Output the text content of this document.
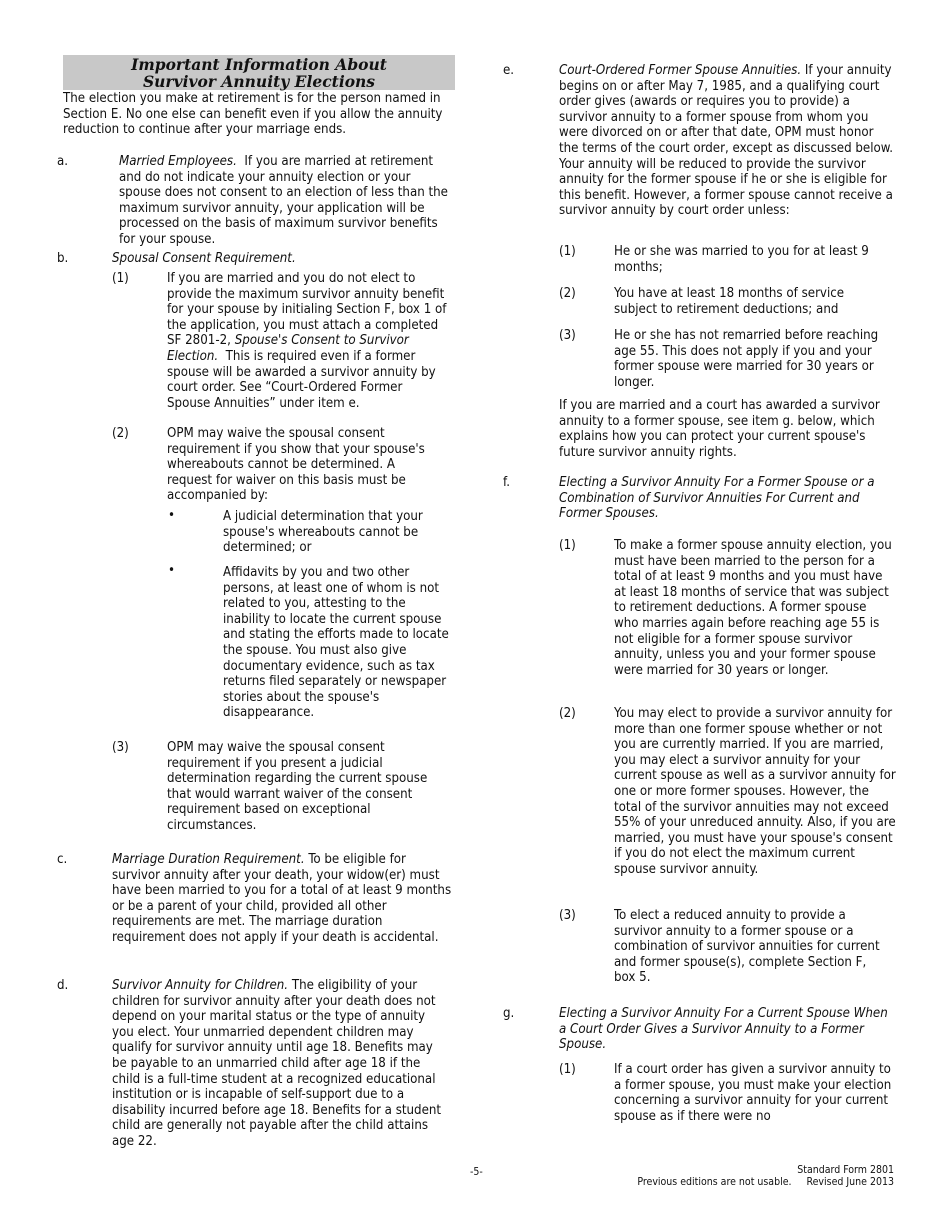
Important Information About
Survivor Annuity Elections
The election you make at retirement is for the person named in Section E. No one else can benefit even if you allow the annuity reduction to continue after your marriage ends.
a.	Married Employees. If you are married at retirement and do not indicate your annuity election or your spouse does not consent to an election of less than the maximum survivor annuity, your application will be processed on the basis of maximum survivor benefits for your spouse.
b.	Spousal Consent Requirement.
(1)	If you are married and you do not elect to provide the maximum survivor annuity benefit for your spouse by initialing Section F, box 1 of the application, you must attach a completed SF 2801-2, Spouse's Consent to Survivor Election. This is required even if a former spouse will be awarded a survivor annuity by court order. See “Court-Ordered Former Spouse Annuities” under item e.
(2)	OPM may waive the spousal consent requirement if you show that your spouse's whereabouts cannot be determined. A request for waiver on this basis must be accompanied by:
•	A judicial determination that your spouse's whereabouts cannot be determined; or
•	Affidavits by you and two other persons, at least one of whom is not related to you, attesting to the inability to locate the current spouse and stating the efforts made to locate the spouse. You must also give documentary evidence, such as tax returns filed separately or newspaper stories about the spouse's disappearance.
(3)	OPM may waive the spousal consent requirement if you present a judicial determination regarding the current spouse that would warrant waiver of the consent requirement based on exceptional circumstances.
c.	Marriage Duration Requirement. To be eligible for survivor annuity after your death, your widow(er) must have been married to you for a total of at least 9 months or be a parent of your child, provided all other requirements are met. The marriage duration requirement does not apply if your death is accidental.
d.	Survivor Annuity for Children. The eligibility of your children for survivor annuity after your death does not depend on your marital status or the type of annuity you elect. Your unmarried dependent children may qualify for survivor annuity until age 18. Benefits may be payable to an unmarried child after age 18 if the child is a full-time student at a recognized educational institution or is incapable of self-support due to a disability incurred before age 18. Benefits for a student child are generally not payable after the child attains age 22.
e.	Court-Ordered Former Spouse Annuities. If your annuity begins on or after May 7, 1985, and a qualifying court order gives (awards or requires you to provide) a survivor annuity to a former spouse from whom you were divorced on or after that date, OPM must honor the terms of the court order, except as discussed below. Your annuity will be reduced to provide the survivor annuity for the former spouse if he or she is eligible for this benefit. However, a former spouse cannot receive a survivor annuity by court order unless:
(1)	He or she was married to you for at least 9 months;
(2)	You have at least 18 months of service subject to retirement deductions; and
(3)	He or she has not remarried before reaching age 55. This does not apply if you and your former spouse were married for 30 years or longer.
If you are married and a court has awarded a survivor annuity to a former spouse, see item g. below, which explains how you can protect your current spouse's future survivor annuity rights.
f.	Electing a Survivor Annuity For a Former Spouse or a Combination of Survivor Annuities For Current and Former Spouses.
(1)	To make a former spouse annuity election, you must have been married to the person for a total of at least 9 months and you must have at least 18 months of service that was subject to retirement deductions. A former spouse who marries again before reaching age 55 is not eligible for a former spouse survivor annuity, unless you and your former spouse were married for 30 years or longer.
(2)	You may elect to provide a survivor annuity for more than one former spouse whether or not you are currently married. If you are married, you may elect a survivor annuity for your current spouse as well as a survivor annuity for one or more former spouses. However, the total of the survivor annuities may not exceed 55% of your unreduced annuity. Also, if you are married, you must have your spouse's consent if you do not elect the maximum current spouse survivor annuity.
(3)	To elect a reduced annuity to provide a survivor annuity to a former spouse or a combination of survivor annuities for current and former spouse(s), complete Section F, box 5.
g.	Electing a Survivor Annuity For a Current Spouse When a Court Order Gives a Survivor Annuity to a Former Spouse.
(1)	If a court order has given a survivor annuity to a former spouse, you must make your election concerning a survivor annuity for your current spouse as if there were no
-5-	Standard Form 2801
Previous editions are not usable. Revised June 2013
